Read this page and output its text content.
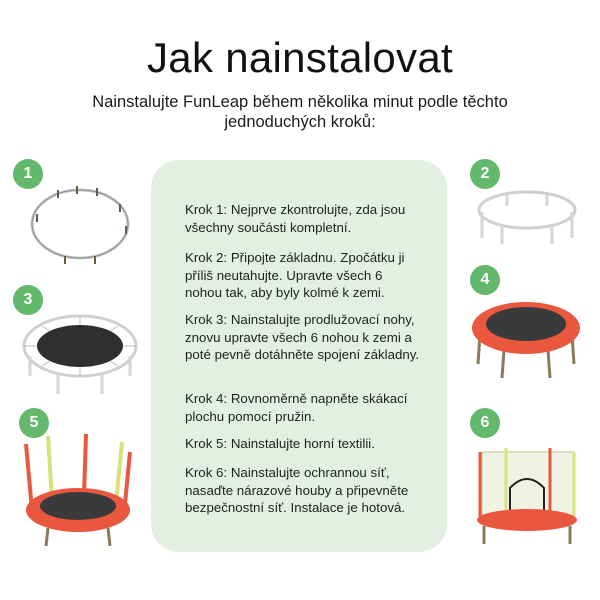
Jak nainstalovat
Nainstalujte FunLeap během několika minut podle těchto jednoduchých kroků:
Krok 1: Nejprve zkontrolujte, zda jsou všechny součásti kompletní.
Krok 2: Připojte základnu. Zpočátku ji příliš neutahujte. Upravte všech 6 nohou tak, aby byly kolmé k zemi.
Krok 3: Nainstalujte prodlužovací nohy, znovu upravte všech 6 nohou k zemi a poté pevně dotáhněte spojení základny.
Krok 4: Rovnoměrně napněte skákací plochu pomocí pružin.
Krok 5: Nainstalujte horní textilii.
Krok 6: Nainstalujte ochrannou síť, nasaďte nárazové houby a připevněte bezpečnostní síť. Instalace je hotová.
1	2
3
4
5	6
